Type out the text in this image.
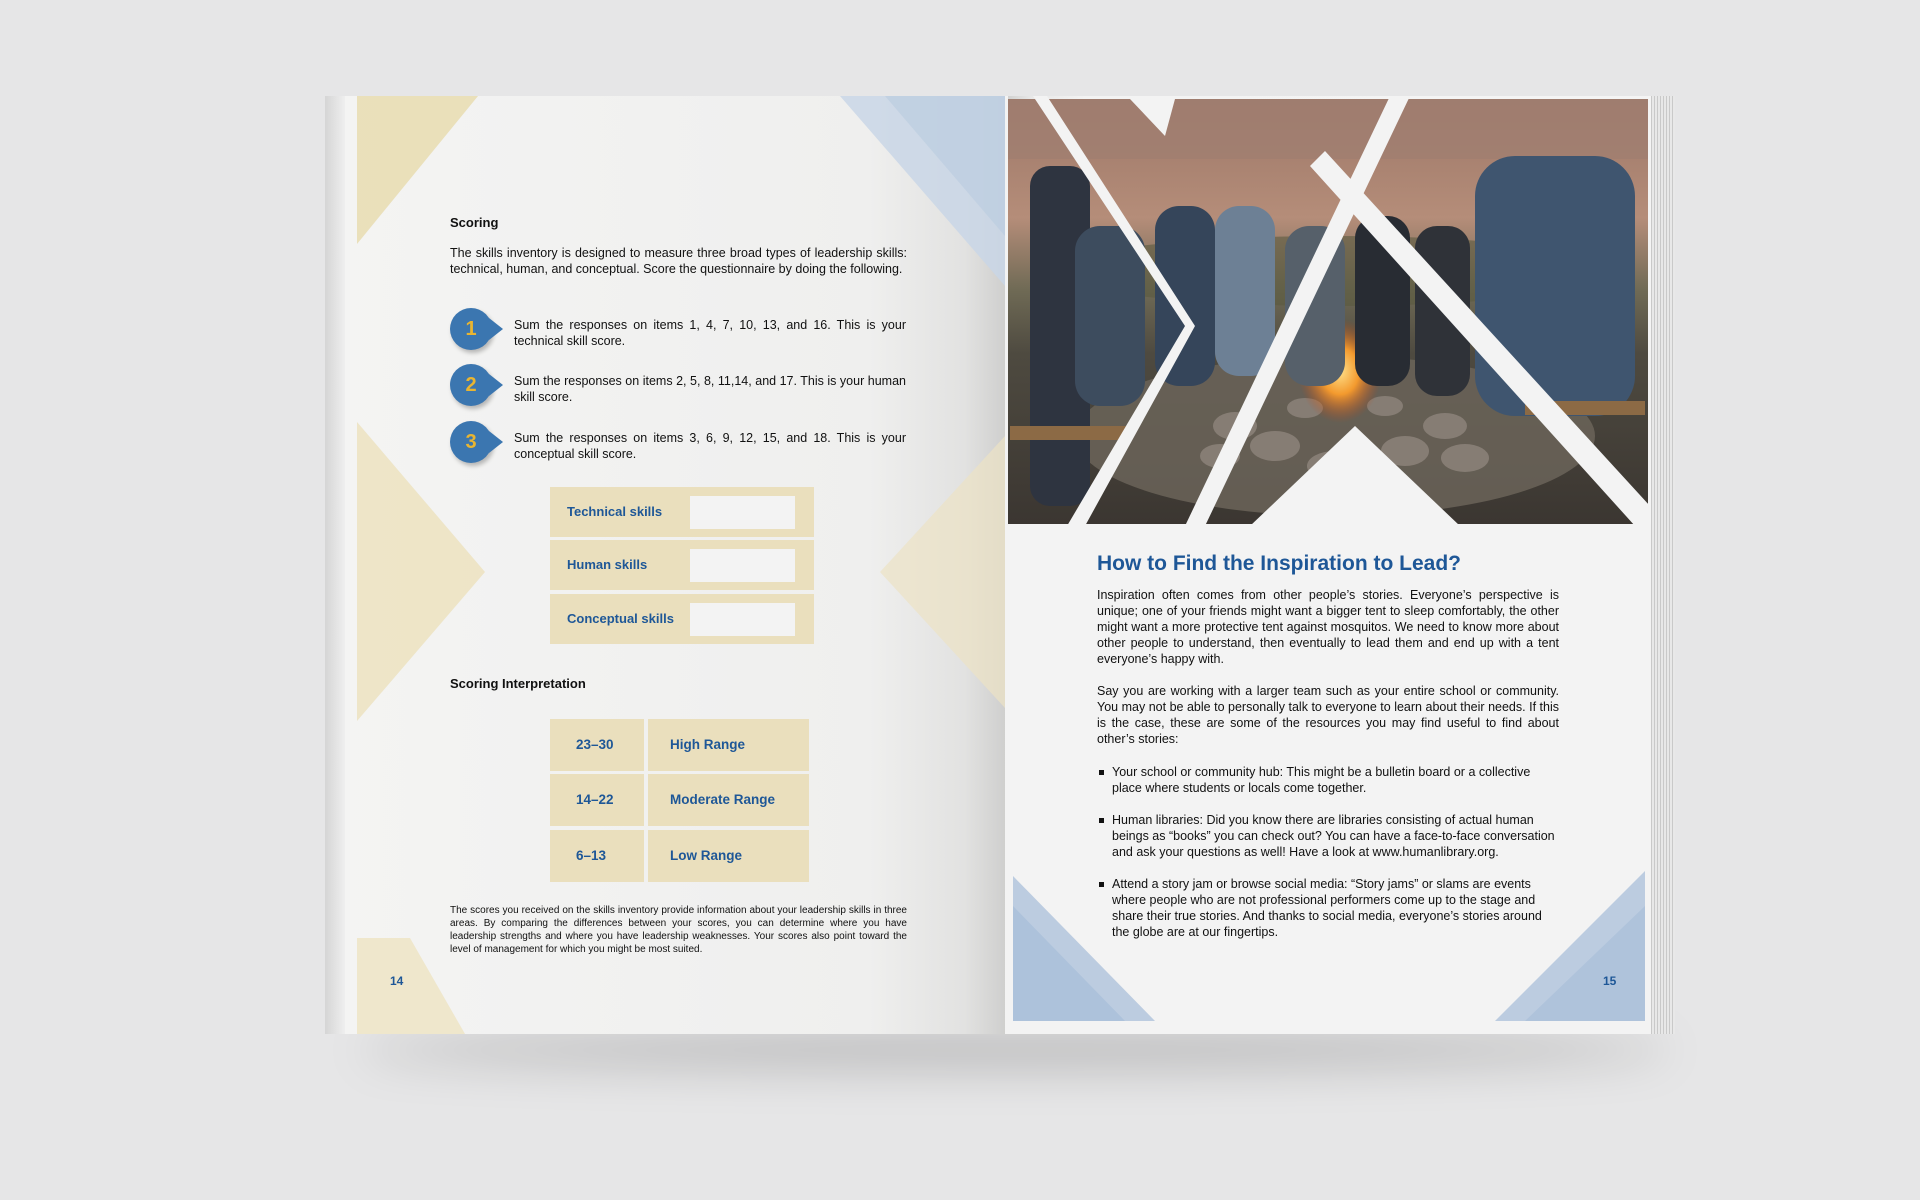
Scoring
The skills inventory is designed to measure three broad types of leadership skills: technical, human, and conceptual. Score the questionnaire by doing the following.
1	Sum the responses on items 1, 4, 7, 10, 13, and 16. This is your technical skill score.
2	Sum the responses on items 2, 5, 8, 11,14, and 17. This is your human skill score.
3	Sum the responses on items 3, 6, 9, 12, 15, and 18. This is your conceptual skill score.
Technical skills
Human skills
Conceptual skills
Scoring Interpretation
23–30	High Range
14–22	Moderate Range
6–13	Low Range
The scores you received on the skills inventory provide information about your leadership skills in three areas. By comparing the differences between your scores, you can determine where you have leadership strengths and where you have leadership weaknesses. Your scores also point toward the level of management for which you might be most suited.
14
How to Find the Inspiration to Lead?
Inspiration often comes from other people’s stories. Everyone’s perspective is unique; one of your friends might want a bigger tent to sleep comfortably, the other might want a more protective tent against mosquitos. We need to know more about other people to understand, then eventually to lead them and end up with a tent everyone’s happy with.
Say you are working with a larger team such as your entire school or community. You may not be able to personally talk to everyone to learn about their needs. If this is the case, these are some of the resources you may find useful to find about other’s stories:
Your school or community hub: This might be a bulletin board or a collective place where students or locals come together.
Human libraries: Did you know there are libraries consisting of actual human beings as “books” you can check out? You can have a face-to-face conversation and ask your questions as well! Have a look at www.humanlibrary.org.
Attend a story jam or browse social media: “Story jams” or slams are events where people who are not professional performers come up to the stage and share their true stories. And thanks to social media, everyone’s stories around the globe are at our fingertips.
15
